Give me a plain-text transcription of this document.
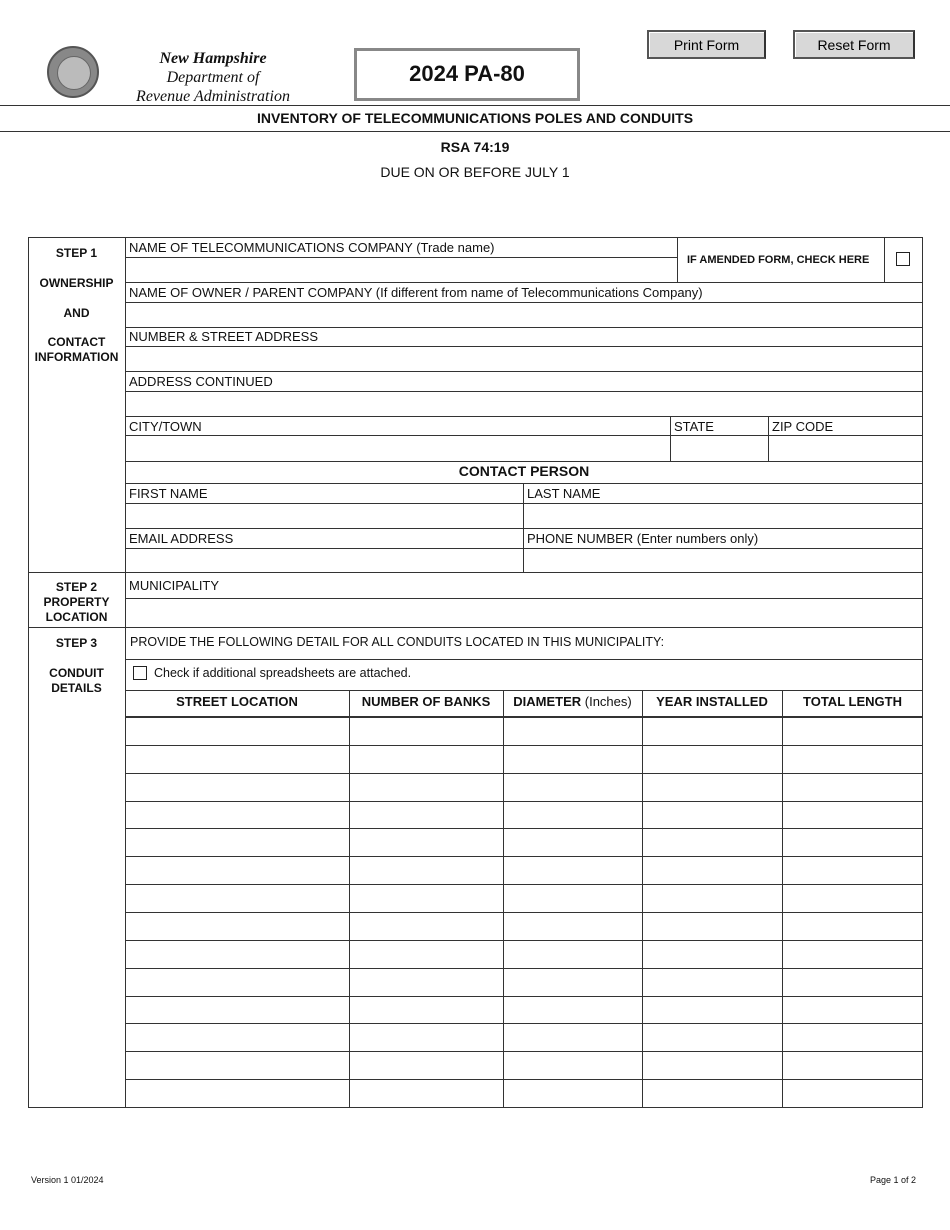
New Hampshire
Department of
Revenue Administration
2024 PA-80
Print Form	Reset Form
INVENTORY OF TELECOMMUNICATIONS POLES AND CONDUITS
RSA 74:19
DUE ON OR BEFORE JULY 1
STEP 1
OWNERSHIP
AND
CONTACT
INFORMATION
NAME OF TELECOMMUNICATIONS COMPANY (Trade name)
IF AMENDED FORM, CHECK HERE
NAME OF OWNER / PARENT COMPANY (If different from name of Telecommunications Company)
NUMBER & STREET ADDRESS
ADDRESS CONTINUED
CITY/TOWN	STATE	ZIP CODE
CONTACT PERSON
FIRST NAME	LAST NAME
EMAIL ADDRESS	PHONE NUMBER (Enter numbers only)
STEP 2
PROPERTY
LOCATION
MUNICIPALITY
STEP 3
CONDUIT
DETAILS
PROVIDE THE FOLLOWING DETAIL FOR ALL CONDUITS LOCATED IN THIS MUNICIPALITY:
Check if additional spreadsheets are attached.
STREET LOCATION	NUMBER OF BANKS	DIAMETER (Inches)	YEAR INSTALLED	TOTAL LENGTH
Version 1 01/2024	Page 1 of 2
